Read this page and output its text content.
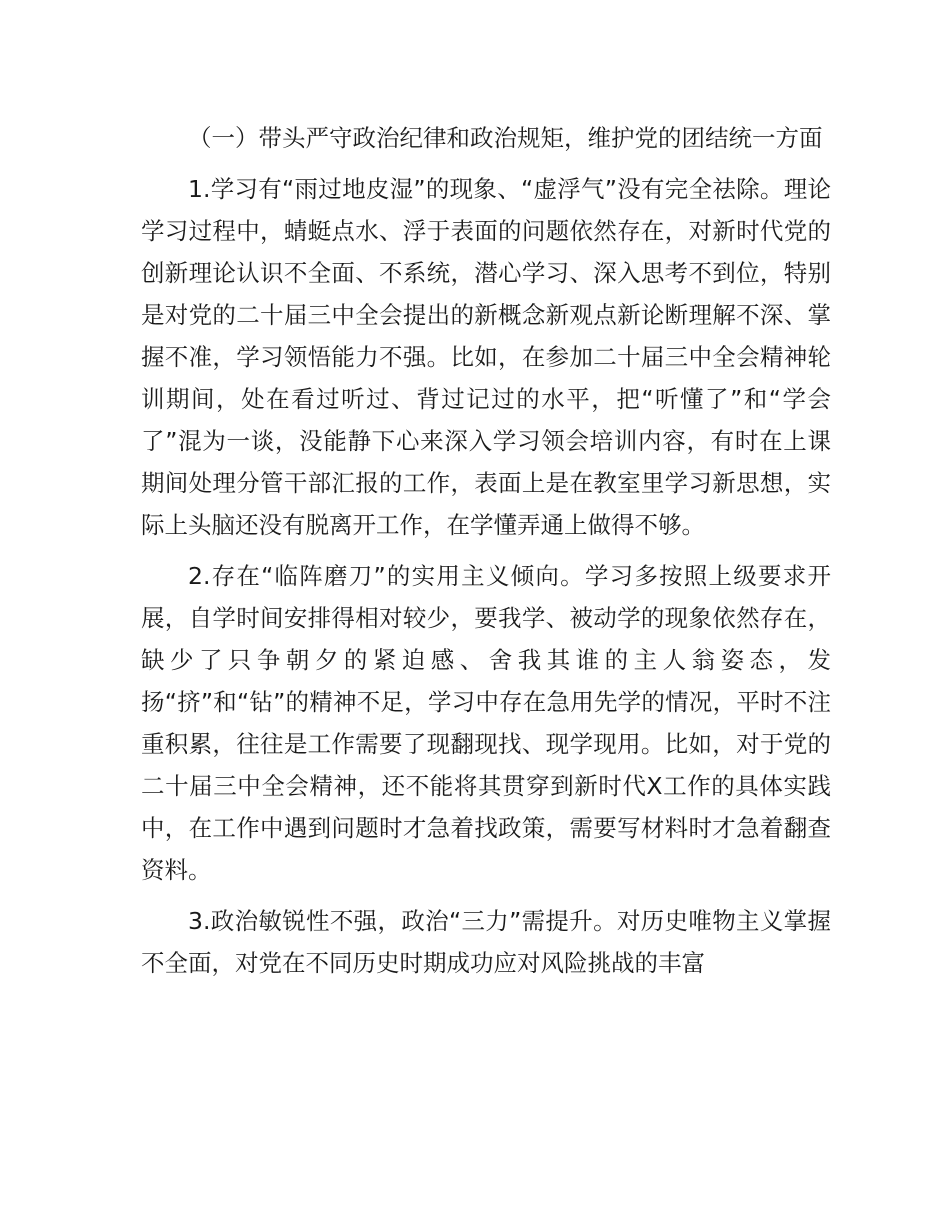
（一）带头严守政治纪律和政治规矩，维护党的团结统一方面

1.学习有“雨过地皮湿”的现象、“虚浮气”没有完全祛除。理论学习过程中，蜻蜓点水、浮于表面的问题依然存在，对新时代党的创新理论认识不全面、不系统，潜心学习、深入思考不到位，特别是对党的二十届三中全会提出的新概念新观点新论断理解不深、掌握不准，学习领悟能力不强。比如，在参加二十届三中全会精神轮训期间，处在看过听过、背过记过的水平，把“听懂了”和“学会了”混为一谈，没能静下心来深入学习领会培训内容，有时在上课期间处理分管干部汇报的工作，表面上是在教室里学习新思想，实际上头脑还没有脱离开工作，在学懂弄通上做得不够。

2.存在“临阵磨刀”的实用主义倾向。学习多按照上级要求开展，自学时间安排得相对较少，要我学、被动学的现象依然存在，缺少了只争朝夕的紧迫感、舍我其谁的主人翁姿态，发扬“挤”和“钻”的精神不足，学习中存在急用先学的情况，平时不注重积累，往往是工作需要了现翻现找、现学现用。比如，对于党的二十届三中全会精神，还不能将其贯穿到新时代X工作的具体实践中，在工作中遇到问题时才急着找政策，需要写材料时才急着翻查资料。

3.政治敏锐性不强，政治“三力”需提升。对历史唯物主义掌握不全面，对党在不同历史时期成功应对风险挑战的丰富
